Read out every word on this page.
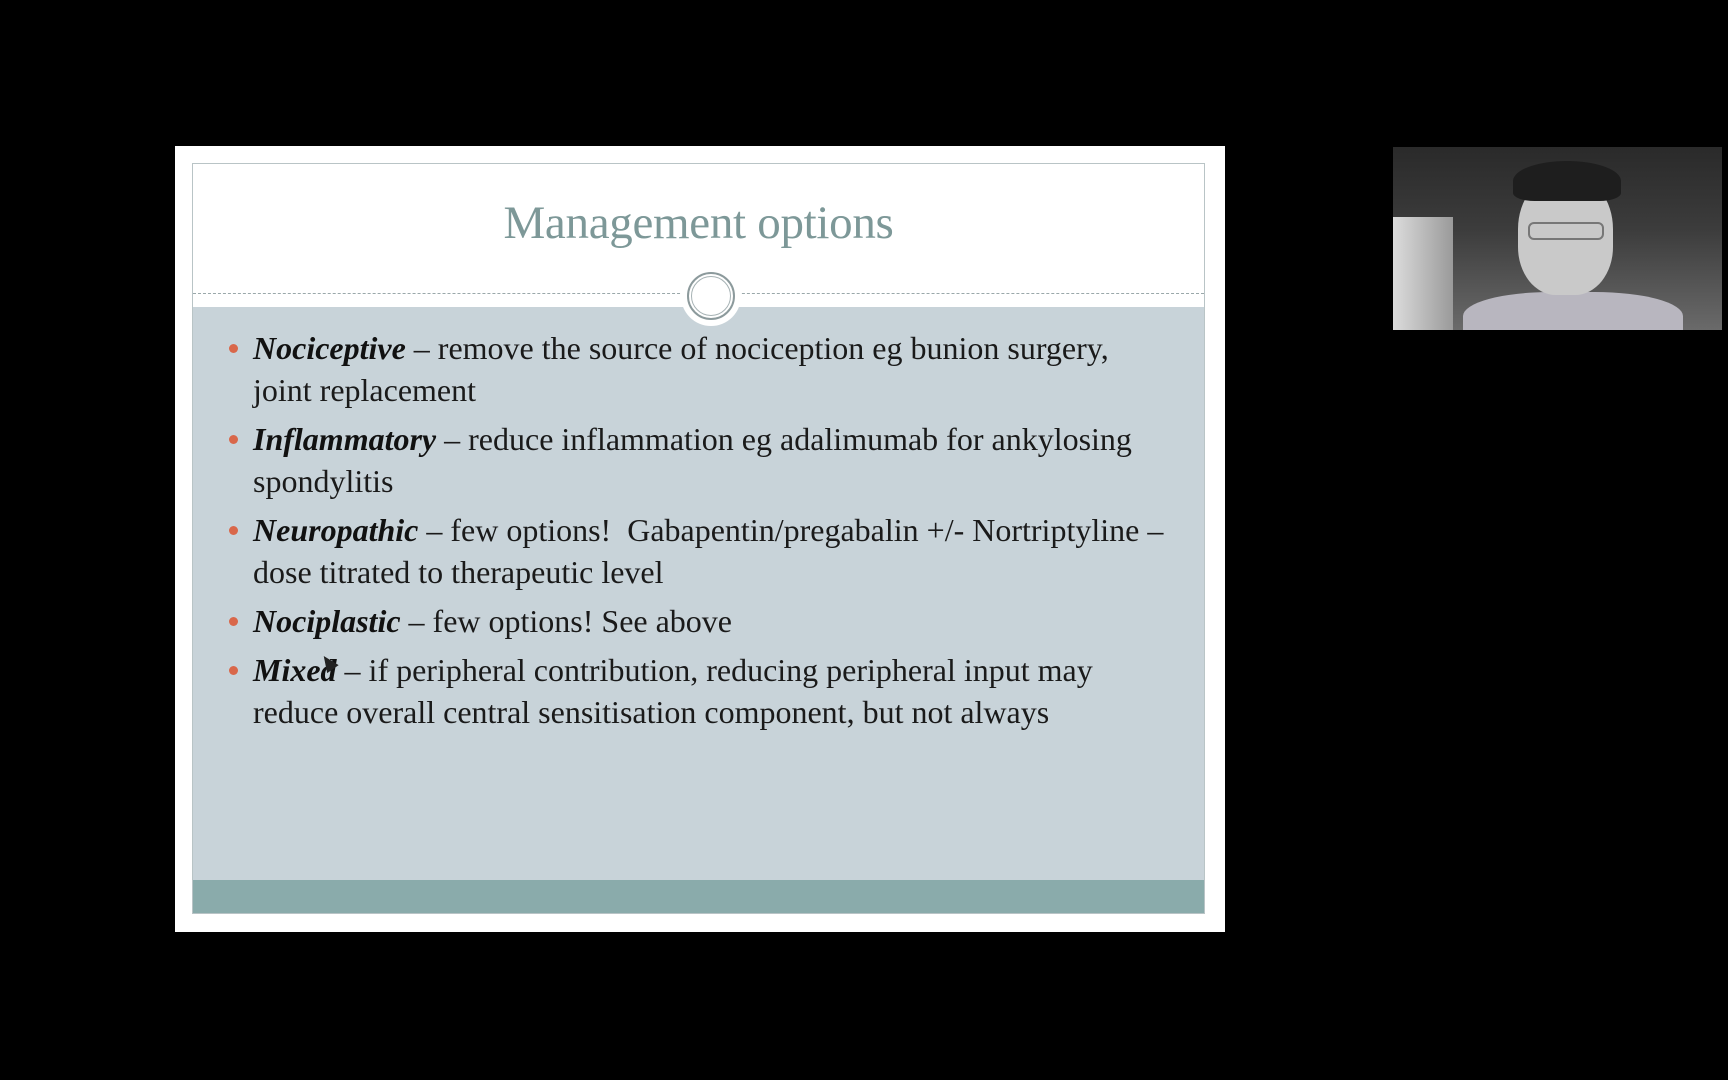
Management options
Nociceptive – remove the source of nociception eg bunion surgery, joint replacement
Inflammatory – reduce inflammation eg adalimumab for ankylosing spondylitis
Neuropathic – few options!  Gabapentin/pregabalin +/- Nortriptyline – dose titrated to therapeutic level
Nociplastic – few options! See above
Mixed – if peripheral contribution, reducing peripheral input may reduce overall central sensitisation component, but not always
